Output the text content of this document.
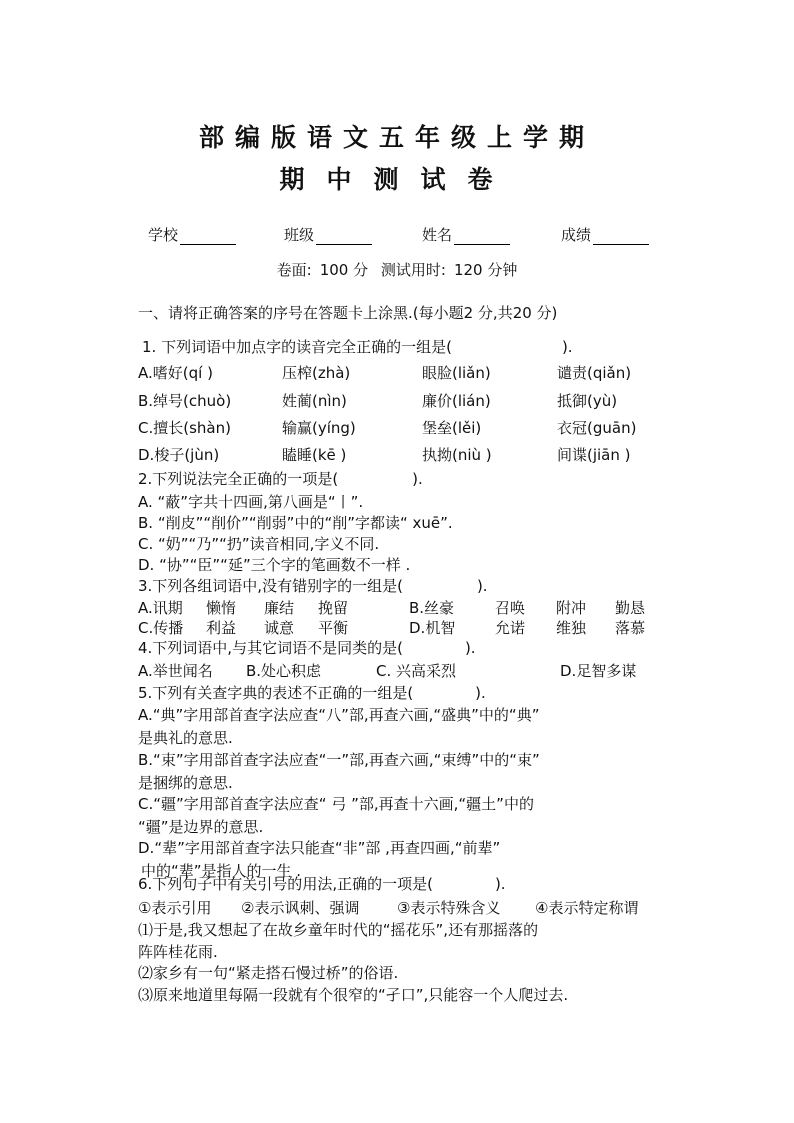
部编版语文五年级上学期
期中测试卷
学校	班级	姓名	成绩
卷面: 100 分 测试用时: 120 分钟
一、请将正确答案的序号在答题卡上涂黑.(每小题2 分,共20 分)
1. 下列词语中加点字的读音完全正确的一组是(	).
A.嗜好(qí )	压榨(zhà)	眼脸(liǎn)	谴责(qiǎn)
B.绰号(chuò)	姓蔺(nìn)	廉价(lián)	抵御(yù)
C.擅长(shàn)	输赢(yíng)	堡垒(lěi)	衣冠(guān)
D.梭子(jùn)	瞌睡(kē )	执拗(niù )	间谍(jiān )
2.下列说法完全正确的一项是(	).
A. “蔽”字共十四画,第八画是“丨”.
B. “削皮”“削价”“削弱”中的“削”字都读“ xuē”.
C. “奶”“乃”“扔”读音相同,字义不同.
D. “协”“臣”“延”三个字的笔画数不一样 .
3.下列各组词语中,没有错别字的一组是(	).
A.讯期 懒惰 廉结 挽留	B.丝豪	召唤 附冲 勤恳
C.传播 利益 诚意 平衡	D.机智	允诺 维独 落慕
4.下列词语中,与其它词语不是同类的是(	).
A.举世闻名 B.处心积虑	C. 兴高采烈	D.足智多谋
5.下列有关查字典的表述不正确的一组是(	).
A.“典”字用部首查字法应查“八”部,再查六画,“盛典”中的“典”
是典礼的意思.
B.“束”字用部首查字法应查“一”部,再查六画,“束缚”中的“束”
是捆绑的意思.
C.“疆”字用部首查字法应查“ 弓 ”部,再查十六画,“疆土”中的
“疆”是边界的意思.
D.“辈”字用部首查字法只能查“非”部 ,再查四画,“前辈”
中的“辈”是指人的一生 .
6.下列句子中有关引号的用法,正确的一项是(	).
①表示引用 ②表示讽刺、强调	③表示特殊含义 ④表示特定称谓
⑴于是,我又想起了在故乡童年时代的“摇花乐”,还有那摇落的
阵阵桂花雨.
⑵家乡有一句“紧走搭石慢过桥”的俗语.
⑶原来地道里每隔一段就有个很窄的“孑口”,只能容一个人爬过去.
